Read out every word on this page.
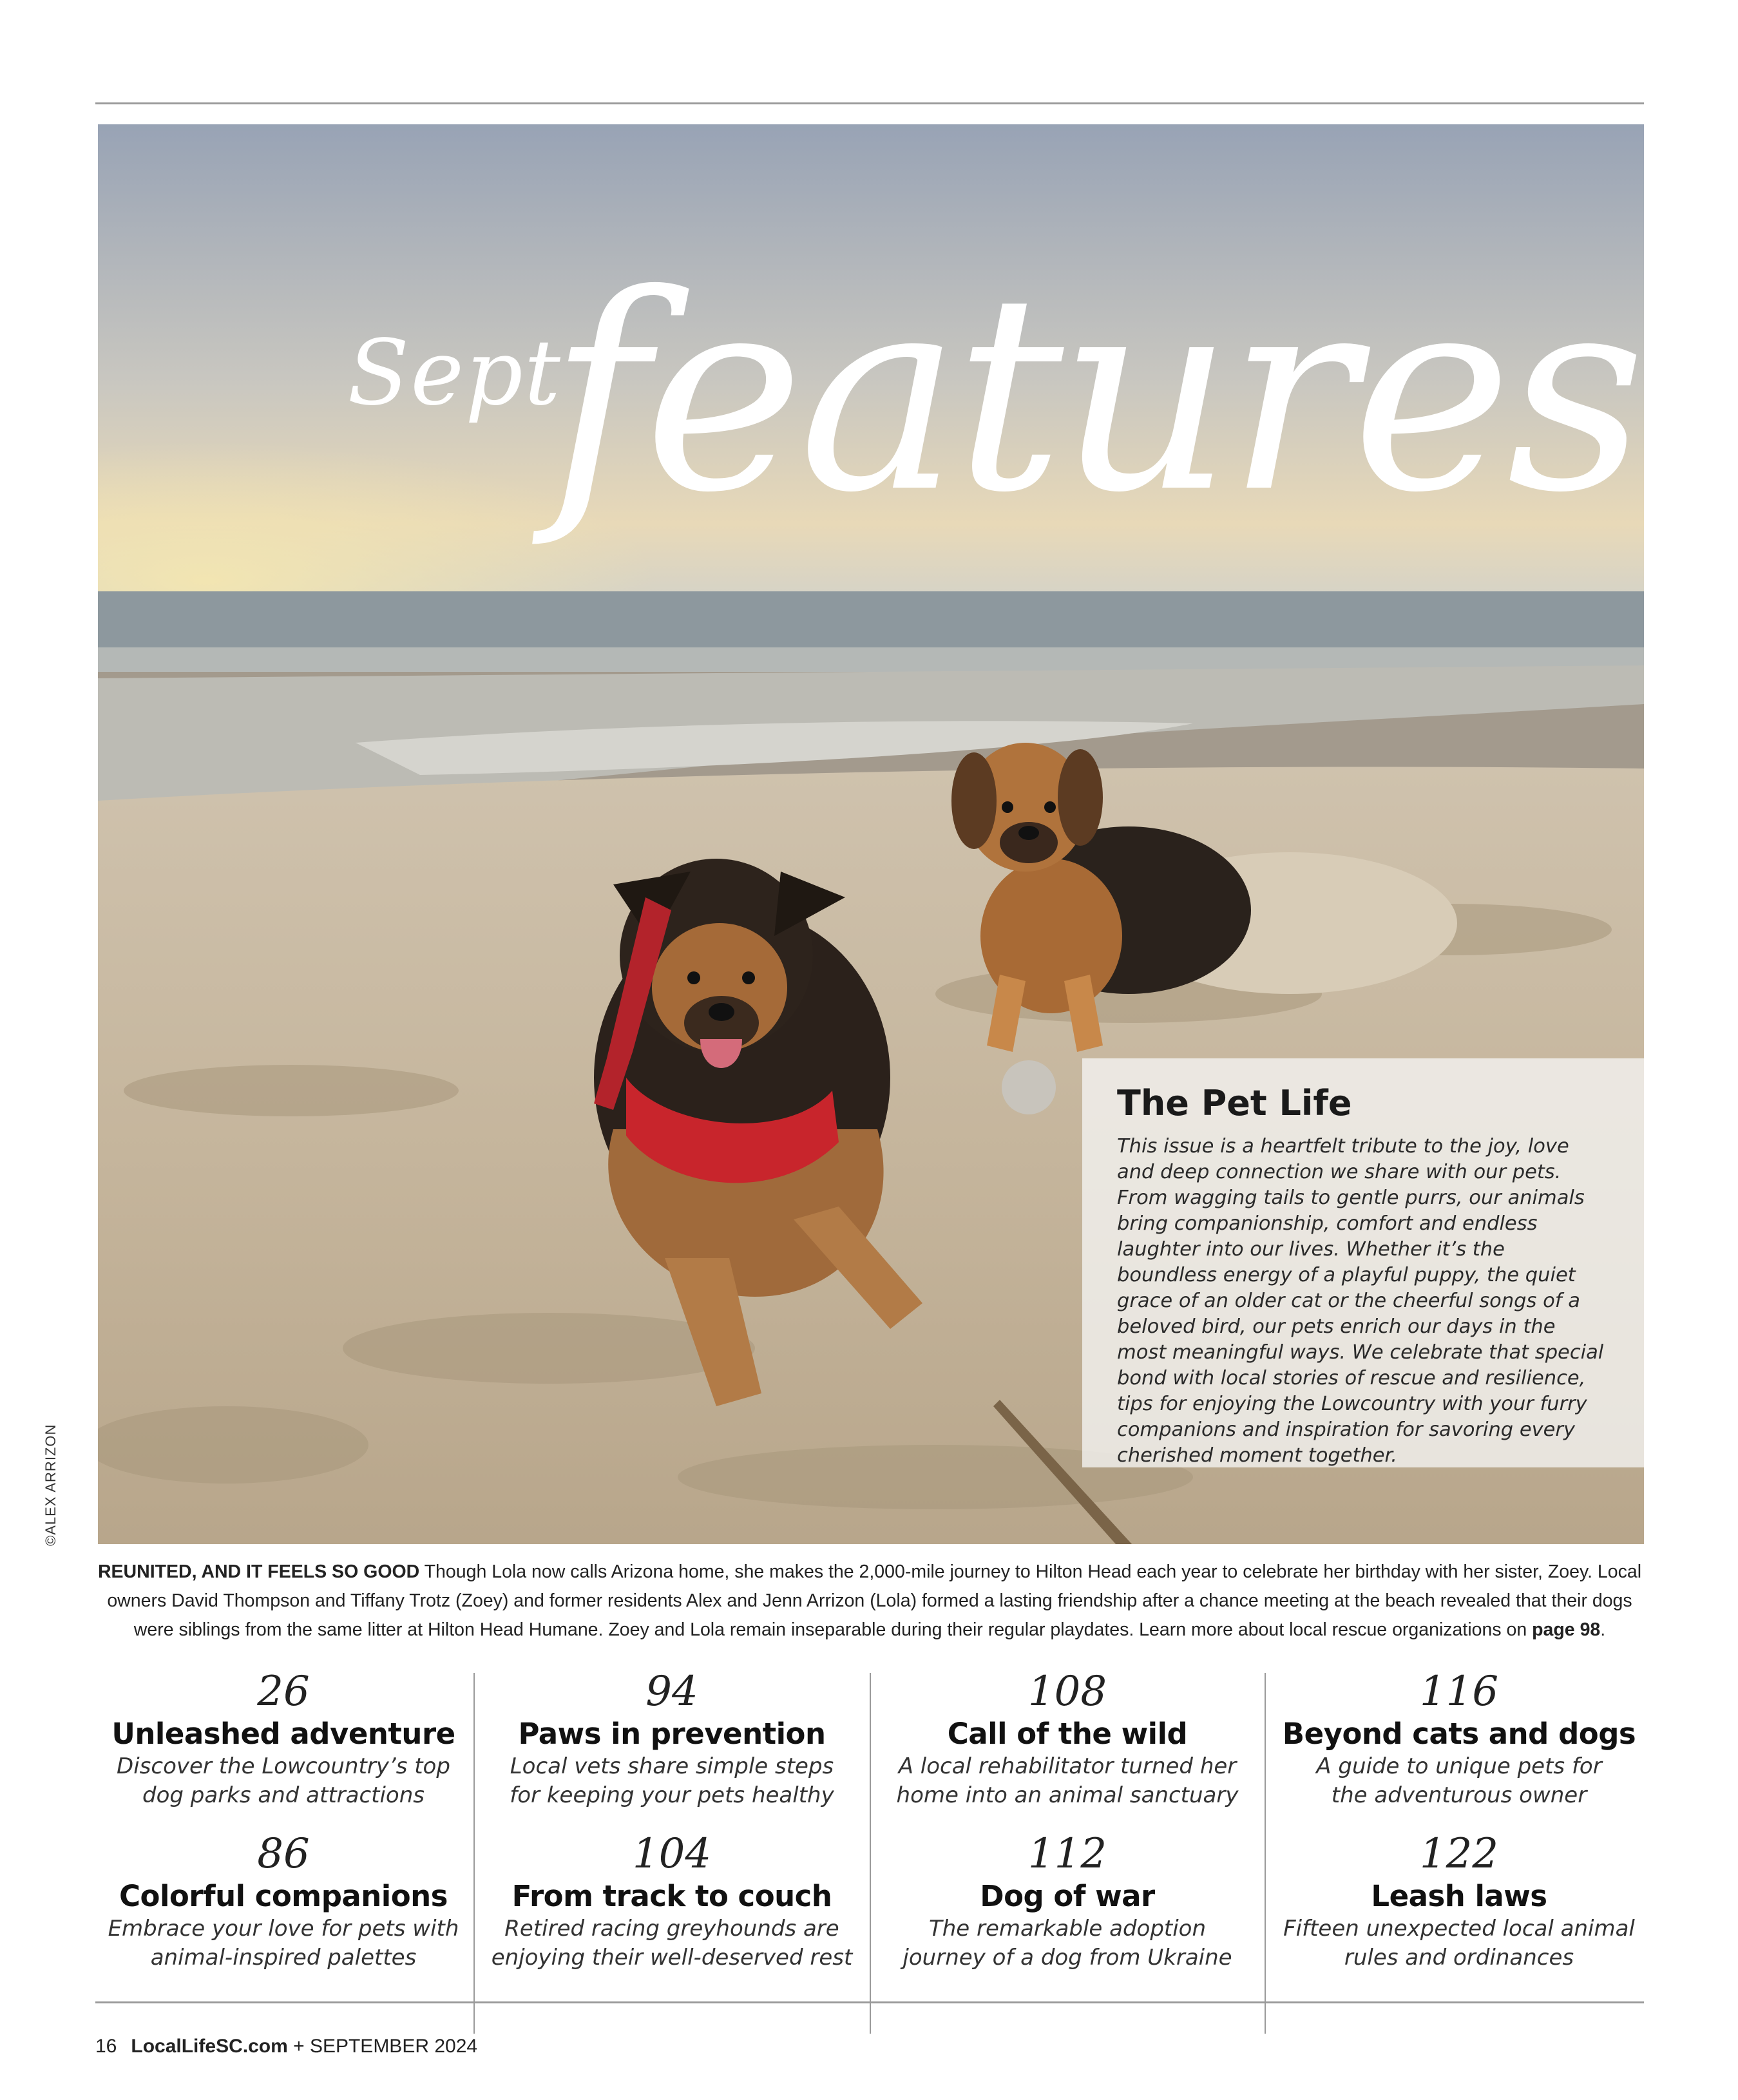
Sept
features
The Pet Life
This issue is a heartfelt tribute to the joy, love and deep connection we share with our pets. From wagging tails to gentle purrs, our animals bring companionship, comfort and endless laughter into our lives. Whether it’s the boundless energy of a playful puppy, the quiet grace of an older cat or the cheerful songs of a beloved bird, our pets enrich our days in the most meaningful ways. We celebrate that special bond with local stories of rescue and resilience, tips for enjoying the Lowcountry with your furry companions and inspiration for savoring every cherished moment together.
©ALEX ARRIZON
REUNITED, AND IT FEELS SO GOOD Though Lola now calls Arizona home, she makes the 2,000-mile journey to Hilton Head each year to celebrate her birthday with her sister, Zoey. Local owners David Thompson and Tiffany Trotz (Zoey) and former residents Alex and Jenn Arrizon (Lola) formed a lasting friendship after a chance meeting at the beach revealed that their dogs were siblings from the same litter at Hilton Head Humane. Zoey and Lola remain inseparable during their regular playdates. Learn more about local rescue organizations on page 98.
26
Unleashed adventure
Discover the Lowcountry’s top
dog parks and attractions
94
Paws in prevention
Local vets share simple steps
for keeping your pets healthy
108
Call of the wild
A local rehabilitator turned her
home into an animal sanctuary
116
Beyond cats and dogs
A guide to unique pets for
the adventurous owner
86
Colorful companions
Embrace your love for pets with
animal-inspired palettes
104
From track to couch
Retired racing greyhounds are
enjoying their well-deserved rest
112
Dog of war
The remarkable adoption
journey of a dog from Ukraine
122
Leash laws
Fifteen unexpected local animal
rules and ordinances
16 LocalLifeSC.com + SEPTEMBER 2024
